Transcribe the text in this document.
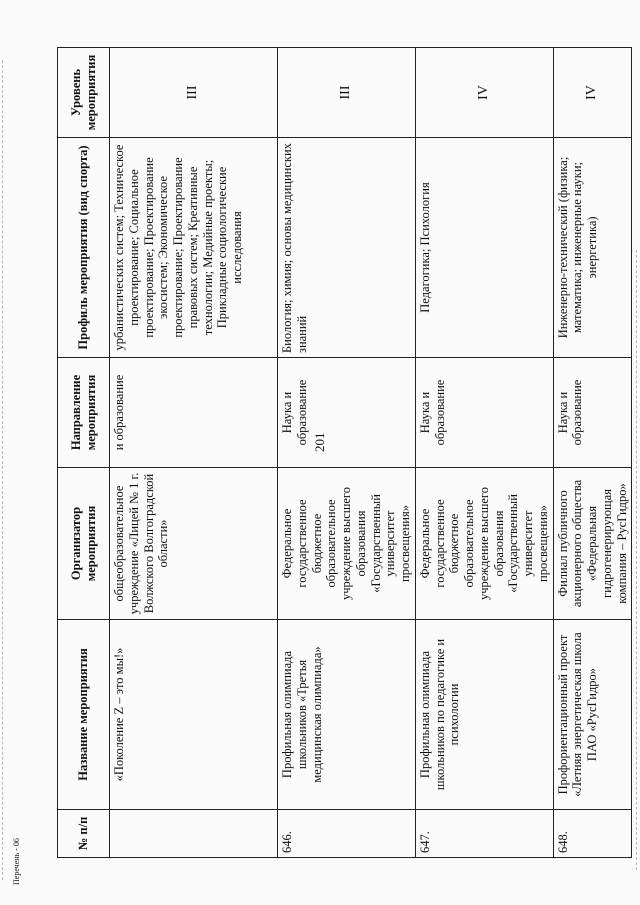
201
№ п/п	Название мероприятия	Организатор мероприятия	Направление мероприятия	Профиль мероприятия (вид спорта)	Уровень мероприятия
	«Поколение Z – это мы!»	общеобразовательное учреждение «Лицей № 1 г. Волжского Волгоградской области»	и образование	урбанистических систем; Техническое проектирование; Социальное проектирование; Проектирование экосистем; Экономическое проектирование; Проектирование правовых систем; Креативные технологии; Медийные проекты; Прикладные социологические исследования	III
646.	Профильная олимпиада школьников «Третья медицинская олимпиада»	Федеральное государственное бюджетное образовательное учреждение высшего образования «Государственный университет просвещения»	Наука и образование	Биология; химия; основы медицинских знаний	III
647.	Профильная олимпиада школьников по педагогике и психологии	Федеральное государственное бюджетное образовательное учреждение высшего образования «Государственный университет просвещения»	Наука и образование	Педагогика; Психология	IV
648.	Профориентационный проект «Летняя энергетическая школа ПАО «РусГидро»	Филиал публичного акционерного общества «Федеральная гидрогенерирующая компания – РусГидро»	Наука и образование	Инженерно-технический (физика; математика; инженерные науки; энергетика)	IV
Перечень - 06
